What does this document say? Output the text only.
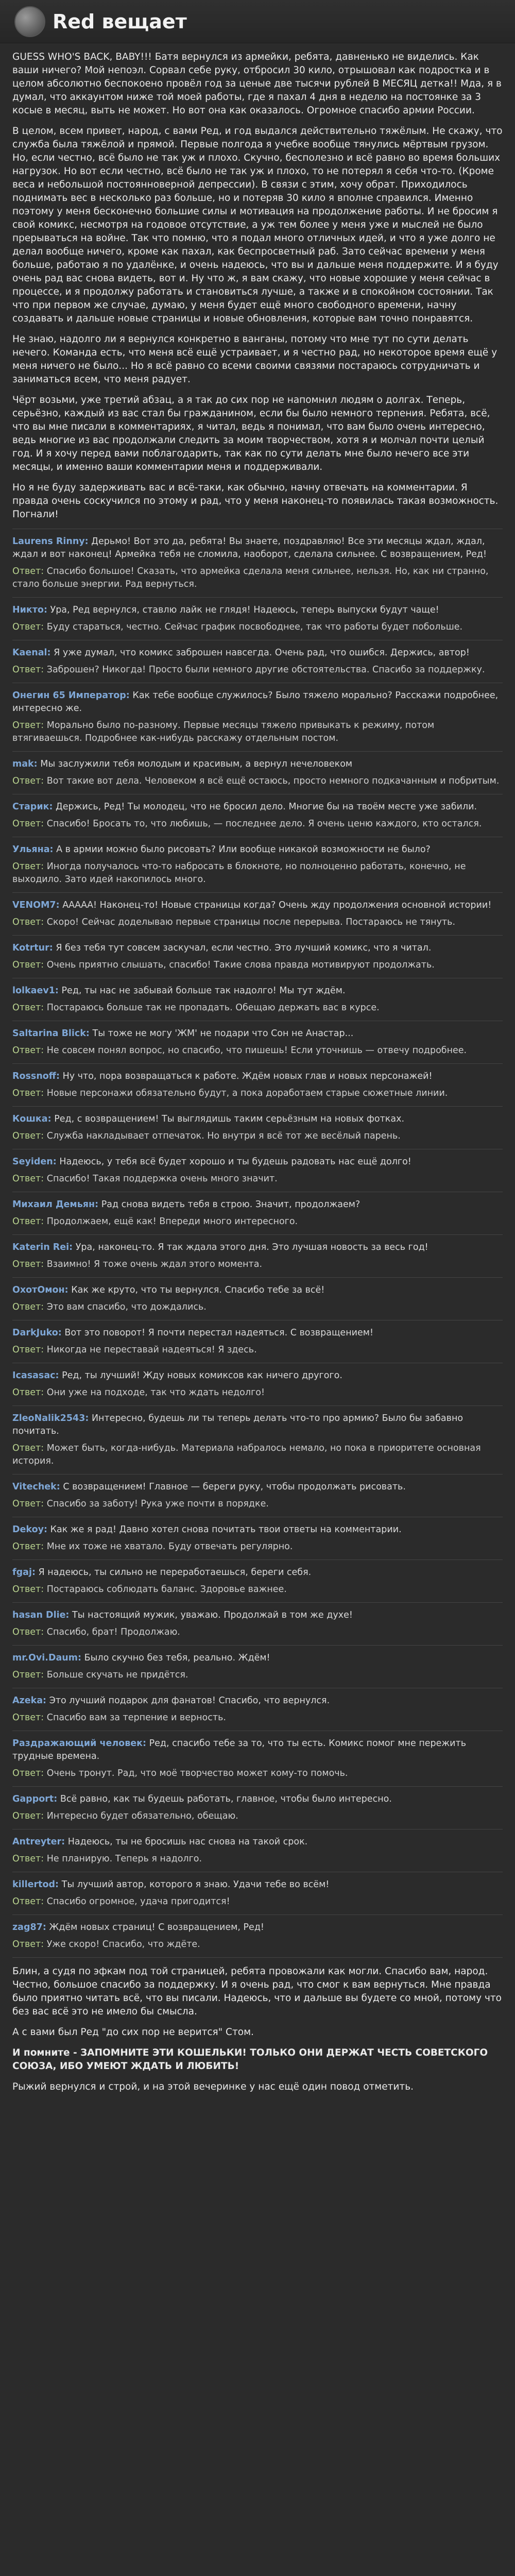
Red вещает

GUESS WHO'S BACK, BABY!!! Батя вернулся из армейки, ребята, давненько не виделись. Как ваши ничего? Мой непоэл. Сорвал себе руку, отбросил 30 кило, отрышовал как подростка и в целом абсолютно беспокоено провёл год за ценые две тысячи рублей В МЕСЯЦ деткa!! Мда, я в думал, что аккаунтом ниже той моей работы, где я пахал 4 дня в неделю на постоянке за 3 косые в месяц, выть не может. Но вот она как оказалось. Огромное спасибо армии России.

В целом, всем привет, народ, с вами Ред, и год выдался действительно тяжёлым. Не скажу, что служба была тяжёлой и прямой. Первые полгода я учебке вообще тянулись мёртвым грузом. Но, если честно, всё было не так уж и плохо. Скучно, бесполезно и всё равно во время больших нагрузок. Но вот если честно, всё было не так уж и плохо, то не потерял я себя что-то. (Кроме веса и небольшой постоянноверной депрессии). В связи с этим, хочу обрат. Приходилось поднимать вес в несколько раз больше, но и потеряв 30 кило я вполне справился. Именно поэтому у меня бесконечно большие силы и мотивация на продолжение работы. И не бросим я свой комикс, несмотря на годовое отсутствие, а уж тем более у меня уже и мыслей не было прерываться на войне. Так что помню, что я подал много отличных идей, и что я уже долго не делал вообще ничего, кроме как пахал, как беспросветный раб. Зато сейчас времени у меня больше, работаю я по удалёнке, и очень надеюсь, что вы и дальше меня поддержите. И я буду очень рад вас снова видеть, вот и. Ну что ж, я вам скажу, что новые хорошие у меня сейчас в процессе, и я продолжу работать и становиться лучше, а также и в спокойном состоянии. Так что при первом же случае, думаю, у меня будет ещё много свободного времени, начну создавать и дальше новые страницы и новые обновления, которые вам точно понравятся.

Не знаю, надолго ли я вернулся конкретно в ванганы, потому что мне тут по сути делать нечего. Команда есть, что меня всё ещё устраивает, и я честно рад, но некоторое время ещё у меня ничего не было... Но я всё равно со всеми своими связями постараюсь сотрудничать и заниматься всем, что меня радует.

Чёрт возьми, уже третий абзац, а я так до сих пор не напомнил людям о долгах. Теперь, серьёзно, каждый из вас стал бы гражданином, если бы было немного терпения. Ребята, всё, что вы мне писали в комментариях, я читал, ведь я понимал, что вам было очень интересно, ведь многие из вас продолжали следить за моим творчеством, хотя я и молчал почти целый год. И я хочу перед вами поблагодарить, так как по сути делать мне было нечего все эти месяцы, и именно ваши комментарии меня и поддерживали.

Но я не буду задерживать вас и всё-таки, как обычно, начну отвечать на комментарии. Я правда очень соскучился по этому и рад, что у меня наконец-то появилась такая возможность. Погнали!

Laurens Rinny: Дерьмо! Вот это да, ребята! Вы знаете, поздравляю! Все эти месяцы ждал, ждал, ждал и вот наконец! Армейка тебя не сломила, наоборот, сделала сильнее. С возвращением, Ред!
Ответ: Спасибо большое! Сказать, что армейка сделала меня сильнее, нельзя. Но, как ни странно, стало больше энергии. Рад вернуться.
Никто: Ура, Ред вернулся, ставлю лайк не глядя! Надеюсь, теперь выпуски будут чаще!
Ответ: Буду стараться, честно. Сейчас график посвободнее, так что работы будет побольше.
Kaenal: Я уже думал, что комикс заброшен навсегда. Очень рад, что ошибся. Держись, автор!
Ответ: Заброшен? Никогда! Просто были немного другие обстоятельства. Спасибо за поддержку.
Онегин 65 Император: Как тебе вообще служилось? Было тяжело морально? Расскажи подробнее, интересно же.
Ответ: Морально было по-разному. Первые месяцы тяжело привыкать к режиму, потом втягиваешься. Подробнее как-нибудь расскажу отдельным постом.
mak: Мы заслужили тебя молодым и красивым, а вернул нечеловеком
Ответ: Вот такие вот дела. Человеком я всё ещё остаюсь, просто немного подкачанным и побритым.
Старик: Держись, Ред! Ты молодец, что не бросил дело. Многие бы на твоём месте уже забили.
Ответ: Спасибо! Бросать то, что любишь, — последнее дело. Я очень ценю каждого, кто остался.
Ульяна: А в армии можно было рисовать? Или вообще никакой возможности не было?
Ответ: Иногда получалось что-то набросать в блокноте, но полноценно работать, конечно, не выходило. Зато идей накопилось много.
VENOM7: ААААА! Наконец-то! Новые страницы когда? Очень жду продолжения основной истории!
Ответ: Скоро! Сейчас доделываю первые страницы после перерыва. Постараюсь не тянуть.
Kotrtur: Я без тебя тут совсем заскучал, если честно. Это лучший комикс, что я читал.
Ответ: Очень приятно слышать, спасибо! Такие слова правда мотивируют продолжать.
lolkaev1: Ред, ты нас не забывай больше так надолго! Мы тут ждём.
Ответ: Постараюсь больше так не пропадать. Обещаю держать вас в курсе.
Saltarina Blick: Ты тоже не могу 'ЖМ' не подари что Сон не Анастар...
Ответ: Не совсем понял вопрос, но спасибо, что пишешь! Если уточнишь — отвечу подробнее.
Rossnoff: Ну что, пора возвращаться к работе. Ждём новых глав и новых персонажей!
Ответ: Новые персонажи обязательно будут, а пока доработаем старые сюжетные линии.
Кошка: Ред, с возвращением! Ты выглядишь таким серьёзным на новых фотках.
Ответ: Служба накладывает отпечаток. Но внутри я всё тот же весёлый парень.
Seyiden: Надеюсь, у тебя всё будет хорошо и ты будешь радовать нас ещё долго!
Ответ: Спасибо! Такая поддержка очень много значит.
Михаил Демьян: Рад снова видеть тебя в строю. Значит, продолжаем?
Ответ: Продолжаем, ещё как! Впереди много интересного.
Katerin Rei: Ура, наконец-то. Я так ждала этого дня. Это лучшая новость за весь год!
Ответ: Взаимно! Я тоже очень ждал этого момента.
ОхотОмон: Как же круто, что ты вернулся. Спасибо тебе за всё!
Ответ: Это вам спасибо, что дождались.
DarkJuko: Вот это поворот! Я почти перестал надеяться. С возвращением!
Ответ: Никогда не переставай надеяться! Я здесь.
Icasasac: Ред, ты лучший! Жду новых комиксов как ничего другого.
Ответ: Они уже на подходе, так что ждать недолго!
ZleoNalik2543: Интересно, будешь ли ты теперь делать что-то про армию? Было бы забавно почитать.
Ответ: Может быть, когда-нибудь. Материала набралось немало, но пока в приоритете основная история.
Vitechek: С возвращением! Главное — береги руку, чтобы продолжать рисовать.
Ответ: Спасибо за заботу! Рука уже почти в порядке.
Dekoy: Как же я рад! Давно хотел снова почитать твои ответы на комментарии.
Ответ: Мне их тоже не хватало. Буду отвечать регулярно.
fgaj: Я надеюсь, ты сильно не переработаешься, береги себя.
Ответ: Постараюсь соблюдать баланс. Здоровье важнее.
hasan Dlie: Ты настоящий мужик, уважаю. Продолжай в том же духе!
Ответ: Спасибо, брат! Продолжаю.
mr.Ovi.Daum: Было скучно без тебя, реально. Ждём!
Ответ: Больше скучать не придётся.
Azeka: Это лучший подарок для фанатов! Спасибо, что вернулся.
Ответ: Спасибо вам за терпение и верность.
Раздражающий человек: Ред, спасибо тебе за то, что ты есть. Комикс помог мне пережить трудные времена.
Ответ: Очень тронут. Рад, что моё творчество может кому-то помочь.
Gapport: Всё равно, как ты будешь работать, главное, чтобы было интересно.
Ответ: Интересно будет обязательно, обещаю.
Antreyter: Надеюсь, ты не бросишь нас снова на такой срок.
Ответ: Не планирую. Теперь я надолго.
killertod: Ты лучший автор, которого я знаю. Удачи тебе во всём!
Ответ: Спасибо огромное, удача пригодится!
zag87: Ждём новых страниц! С возвращением, Ред!
Ответ: Уже скоро! Спасибо, что ждёте.

Блин, а судя по эфкам под той страницей, ребята провожали как могли. Спасибо вам, народ. Честно, большое спасибо за поддержку. И я очень рад, что смог к вам вернуться. Мне правда было приятно читать всё, что вы писали. Надеюсь, что и дальше вы будете со мной, потому что без вас всё это не имело бы смысла.

А с вами был Ред "до сих пор не верится" Стом.

И помните - ЗАПОМНИТЕ ЭТИ КОШЕЛЬКИ! ТОЛЬКО ОНИ ДЕРЖАТ ЧЕСТЬ СОВЕТСКОГО СОЮЗА, ИБО УМЕЮТ ЖДАТЬ И ЛЮБИТЬ!

Рыжий вернулся и строй, и на этой вечеринке у нас ещё один повод отметить.
